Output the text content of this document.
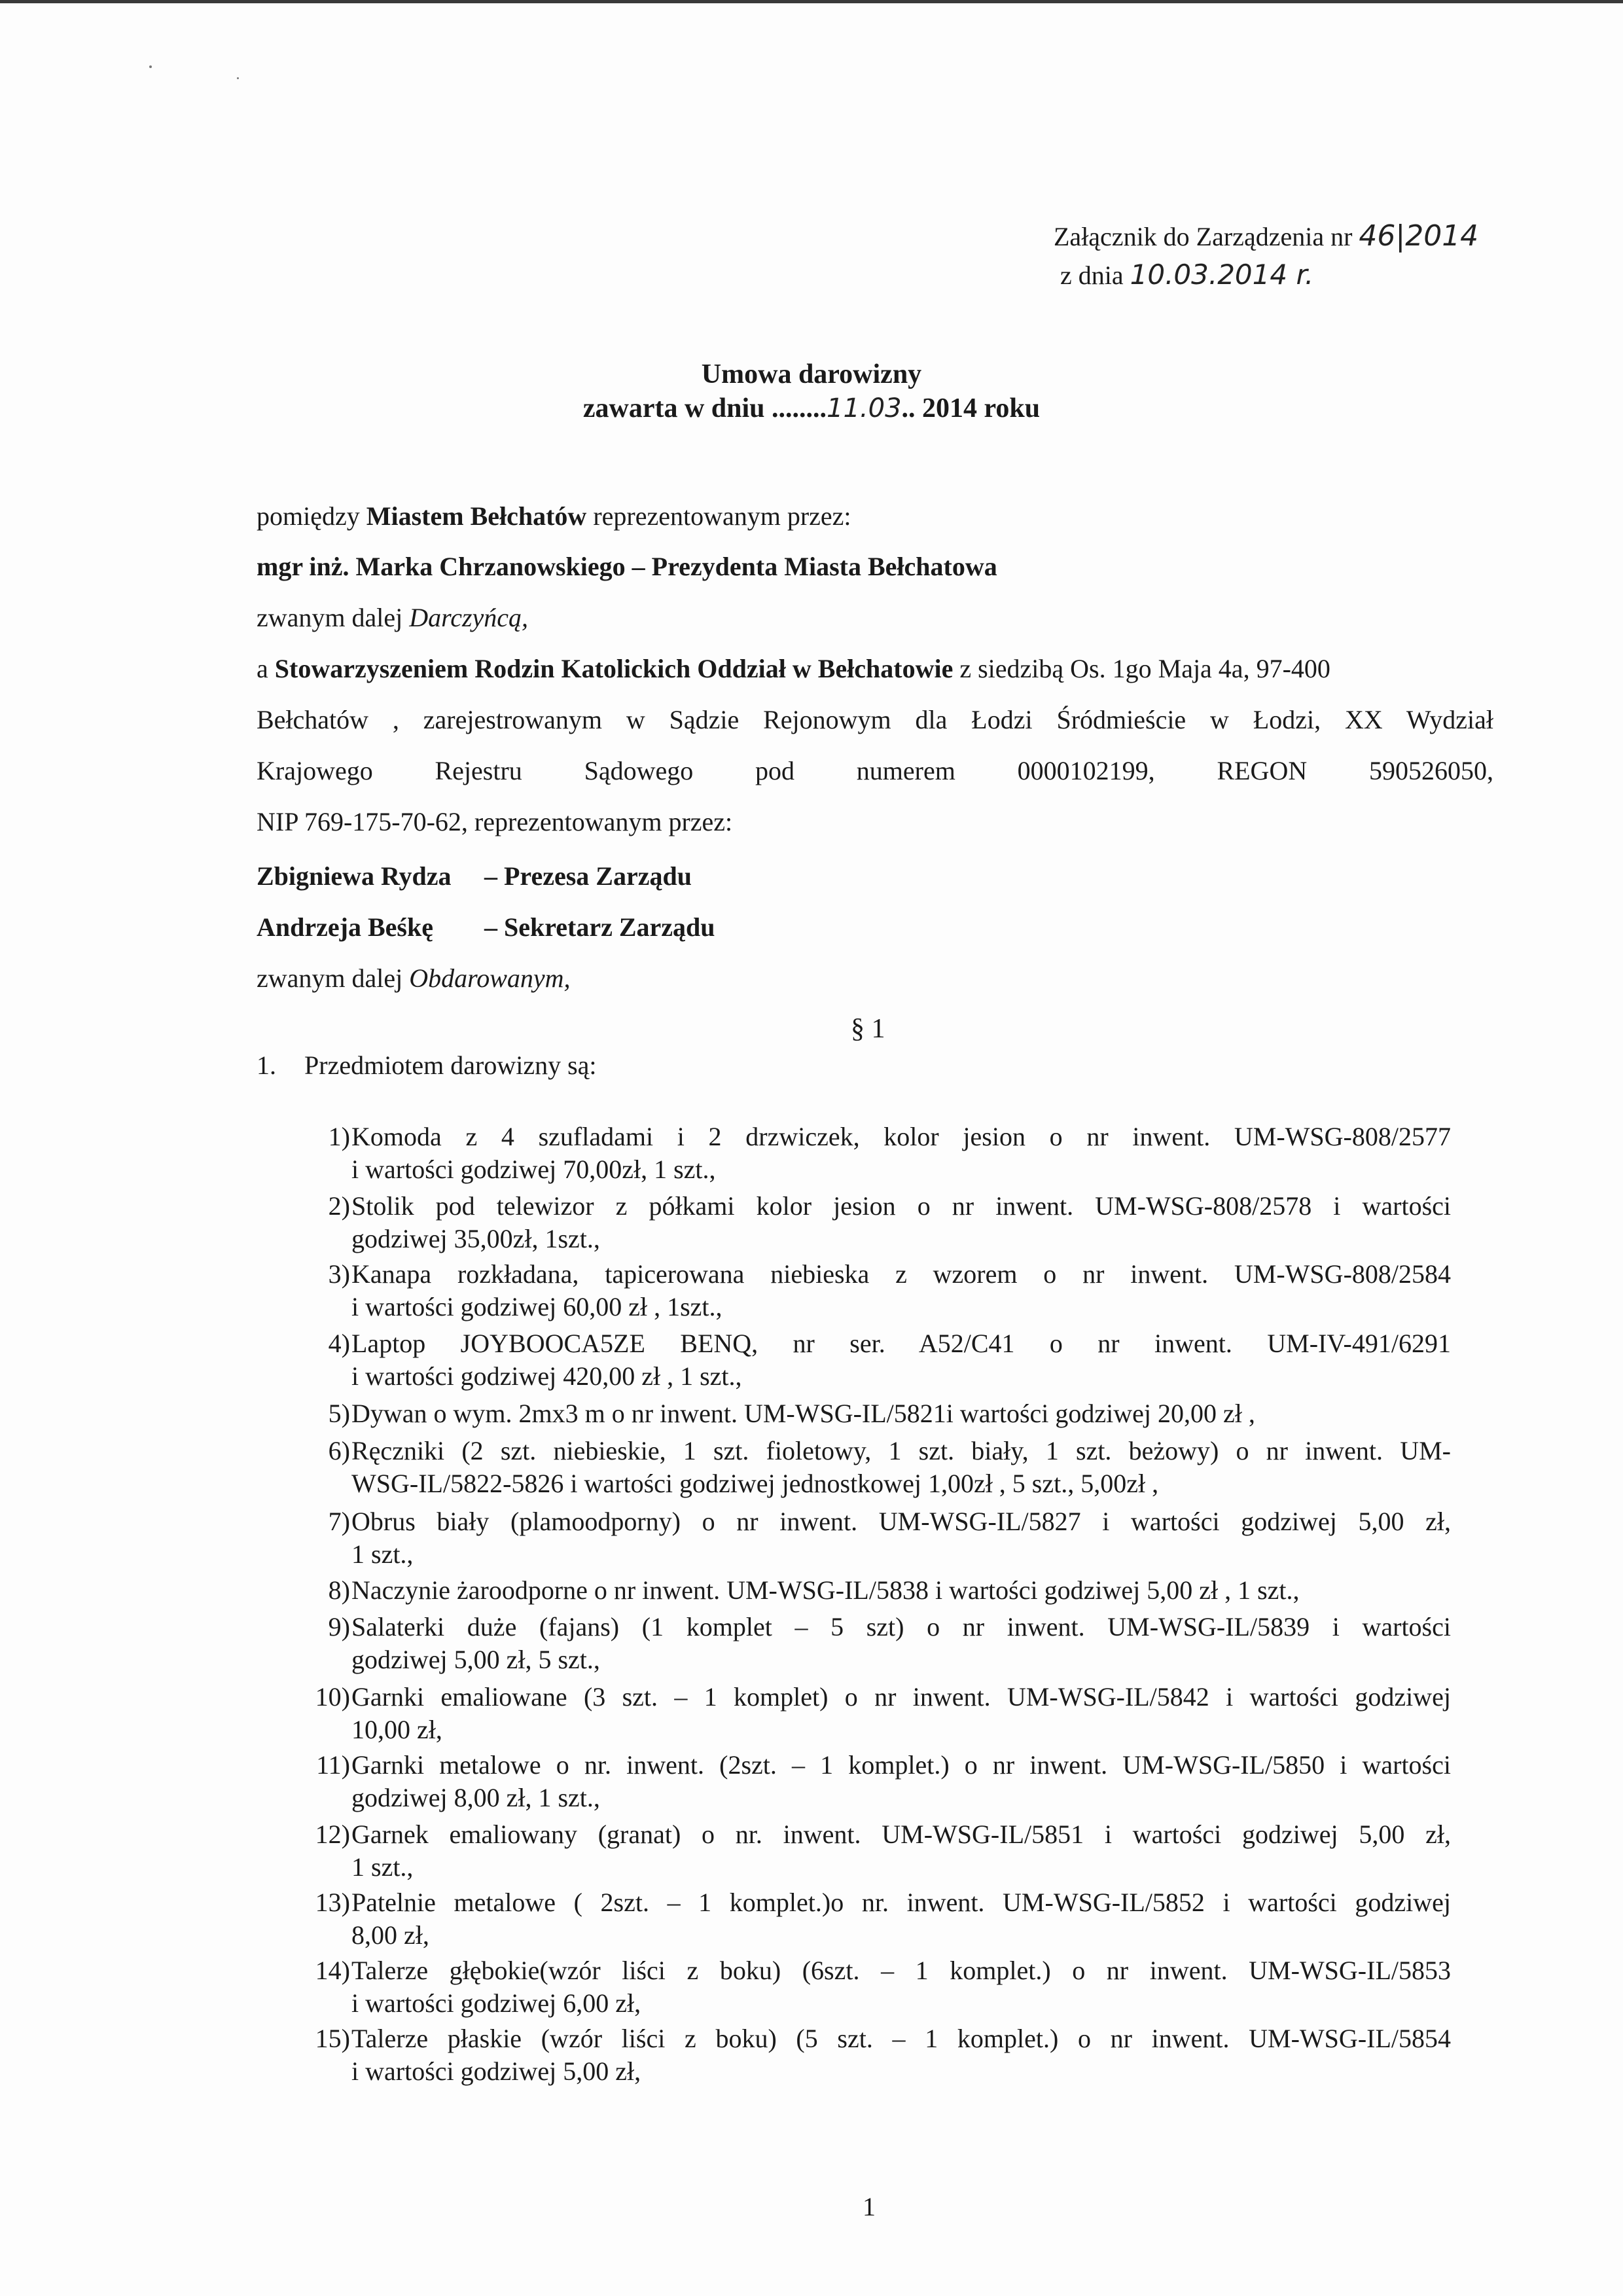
Załącznik do Zarządzenia nr 46|2014
z dnia 10.03.2014 r.
Umowa darowizny
zawarta w dniu ........11.03.. 2014 roku
pomiędzy Miastem Bełchatów reprezentowanym przez:
mgr inż. Marka Chrzanowskiego – Prezydenta Miasta Bełchatowa
zwanym dalej Darczyńcą,
a Stowarzyszeniem Rodzin Katolickich Oddział w Bełchatowie z siedzibą Os. 1go Maja 4a, 97-400
Bełchatów , zarejestrowanym w Sądzie Rejonowym dla Łodzi Śródmieście w Łodzi, XX Wydział
Krajowego Rejestru Sądowego pod numerem 0000102199, REGON 590526050,
NIP 769-175-70-62, reprezentowanym przez:
Zbigniewa Rydza – Prezesa Zarządu
Andrzeja Beśkę – Sekretarz Zarządu
zwanym dalej Obdarowanym,
§ 1
1. Przedmiotem darowizny są:
1) Komoda z 4 szufladami i 2 drzwiczek, kolor jesion o nr inwent. UM-WSG-808/2577
i wartości godziwej 70,00zł, 1 szt.,
2) Stolik pod telewizor z półkami kolor jesion o nr inwent. UM-WSG-808/2578 i wartości
godziwej 35,00zł, 1szt.,
3) Kanapa rozkładana, tapicerowana niebieska z wzorem o nr inwent. UM-WSG-808/2584
i wartości godziwej 60,00 zł , 1szt.,
4) Laptop JOYBOOCA5ZE BENQ, nr ser. A52/C41 o nr inwent. UM-IV-491/6291
i wartości godziwej 420,00 zł , 1 szt.,
5) Dywan o wym. 2mx3 m o nr inwent. UM-WSG-IL/5821i wartości godziwej 20,00 zł ,
6) Ręczniki (2 szt. niebieskie, 1 szt. fioletowy, 1 szt. biały, 1 szt. beżowy) o nr inwent. UM-
WSG-IL/5822-5826 i wartości godziwej jednostkowej 1,00zł , 5 szt., 5,00zł ,
7) Obrus biały (plamoodporny) o nr inwent. UM-WSG-IL/5827 i wartości godziwej 5,00 zł,
1 szt.,
8) Naczynie żaroodporne o nr inwent. UM-WSG-IL/5838 i wartości godziwej 5,00 zł , 1 szt.,
9) Salaterki duże (fajans) (1 komplet – 5 szt) o nr inwent. UM-WSG-IL/5839 i wartości
godziwej 5,00 zł, 5 szt.,
10) Garnki emaliowane (3 szt. – 1 komplet) o nr inwent. UM-WSG-IL/5842 i wartości godziwej
10,00 zł,
11) Garnki metalowe o nr. inwent. (2szt. – 1 komplet.) o nr inwent. UM-WSG-IL/5850 i wartości
godziwej 8,00 zł, 1 szt.,
12) Garnek emaliowany (granat) o nr. inwent. UM-WSG-IL/5851 i wartości godziwej 5,00 zł,
1 szt.,
13) Patelnie metalowe ( 2szt. – 1 komplet.)o nr. inwent. UM-WSG-IL/5852 i wartości godziwej
8,00 zł,
14) Talerze głębokie(wzór liści z boku) (6szt. – 1 komplet.) o nr inwent. UM-WSG-IL/5853
i wartości godziwej 6,00 zł,
15) Talerze płaskie (wzór liści z boku) (5 szt. – 1 komplet.) o nr inwent. UM-WSG-IL/5854
i wartości godziwej 5,00 zł,
1
